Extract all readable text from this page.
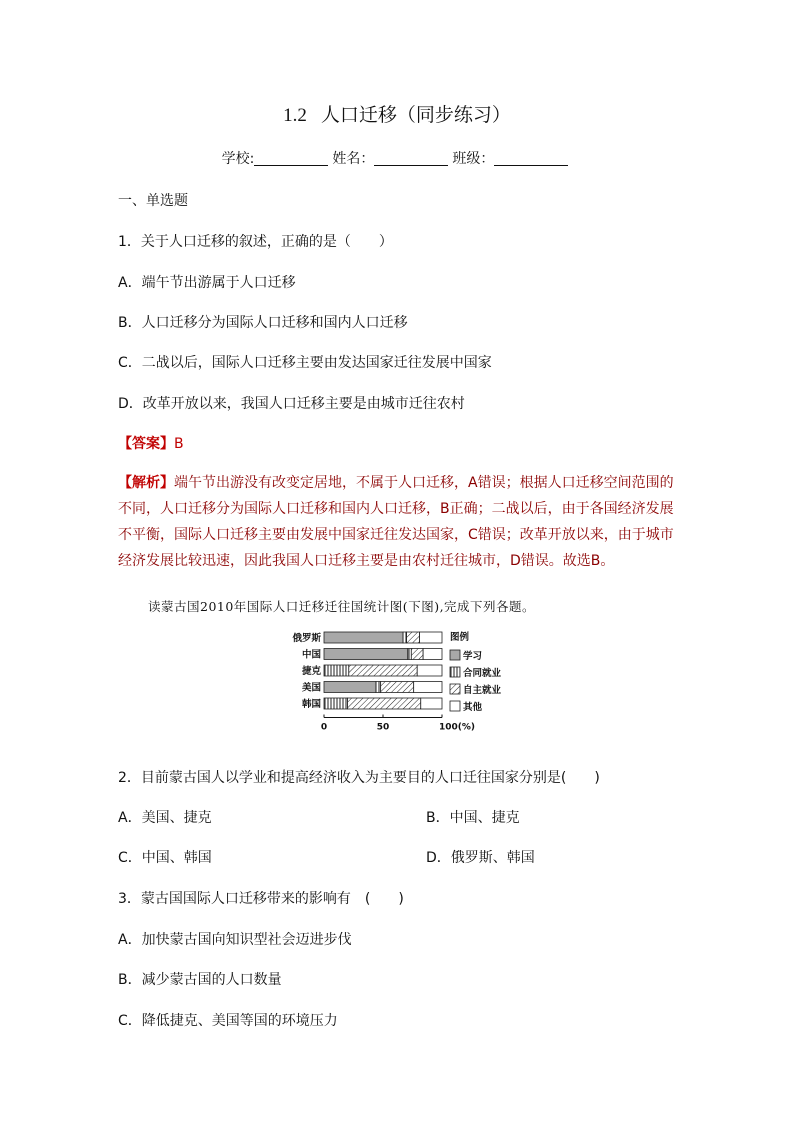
1.2 人口迁移（同步练习）
学校:	姓名：	班级：
一、单选题
1．关于人口迁移的叙述，正确的是（　　）
A．端午节出游属于人口迁移
B．人口迁移分为国际人口迁移和国内人口迁移
C．二战以后，国际人口迁移主要由发达国家迁往发展中国家
D．改革开放以来，我国人口迁移主要是由城市迁往农村
【答案】B
【解析】端午节出游没有改变定居地，不属于人口迁移，A错误；根据人口迁移空间范围的不同，人口迁移分为国际人口迁移和国内人口迁移，B正确；二战以后，由于各国经济发展不平衡，国际人口迁移主要由发展中国家迁往发达国家，C错误；改革开放以来，由于城市经济发展比较迅速，因此我国人口迁移主要是由农村迁往城市，D错误。故选B。
读蒙古国2010年国际人口迁移迁往国统计图(下图),完成下列各题。
俄罗斯
中国
捷克
美国
韩国
0	50	100(%)
图例
学习
合同就业
自主就业
其他
2．目前蒙古国人以学业和提高经济收入为主要目的人口迁往国家分别是(　　)
A．美国、捷克	B．中国、捷克
C．中国、韩国	D．俄罗斯、韩国
3．蒙古国国际人口迁移带来的影响有　(　　)
A．加快蒙古国向知识型社会迈进步伐
B．减少蒙古国的人口数量
C．降低捷克、美国等国的环境压力
